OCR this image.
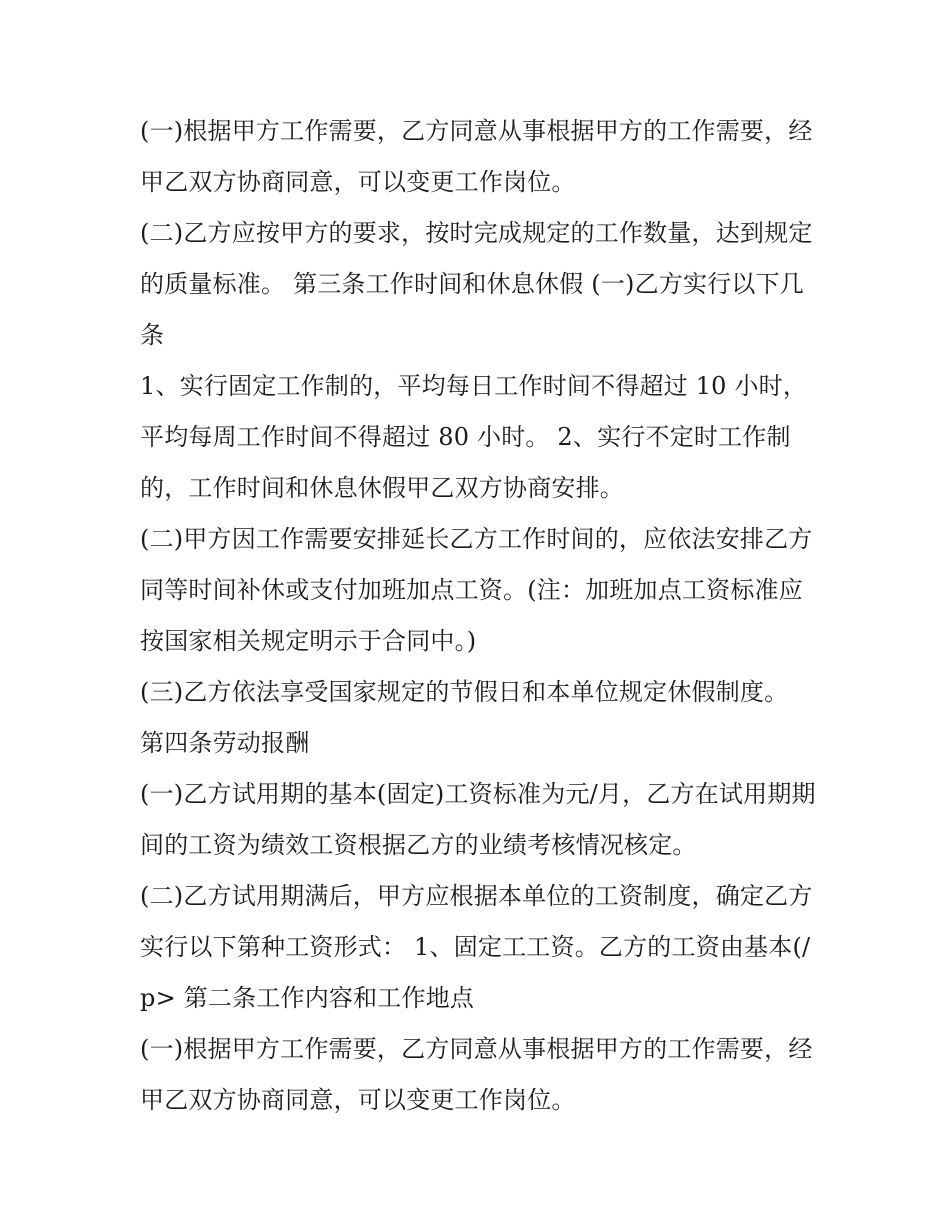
(一)根据甲方工作需要，乙方同意从事根据甲方的工作需要，经甲乙双方协商同意，可以变更工作岗位。

(二)乙方应按甲方的要求，按时完成规定的工作数量，达到规定的质量标准。 第三条工作时间和休息休假 (一)乙方实行以下几条

1、实行固定工作制的，平均每日工作时间不得超过 10 小时，平均每周工作时间不得超过 80 小时。 2、实行不定时工作制的，工作时间和休息休假甲乙双方协商安排。

(二)甲方因工作需要安排延长乙方工作时间的，应依法安排乙方同等时间补休或支付加班加点工资。(注：加班加点工资标准应按国家相关规定明示于合同中。)

(三)乙方依法享受国家规定的节假日和本单位规定休假制度。

第四条劳动报酬

(一)乙方试用期的基本(固定)工资标准为元/月，乙方在试用期期间的工资为绩效工资根据乙方的业绩考核情况核定。

(二)乙方试用期满后，甲方应根据本单位的工资制度，确定乙方实行以下第种工资形式： 1、固定工工资。乙方的工资由基本(/p> 第二条工作内容和工作地点

(一)根据甲方工作需要，乙方同意从事根据甲方的工作需要，经甲乙双方协商同意，可以变更工作岗位。
